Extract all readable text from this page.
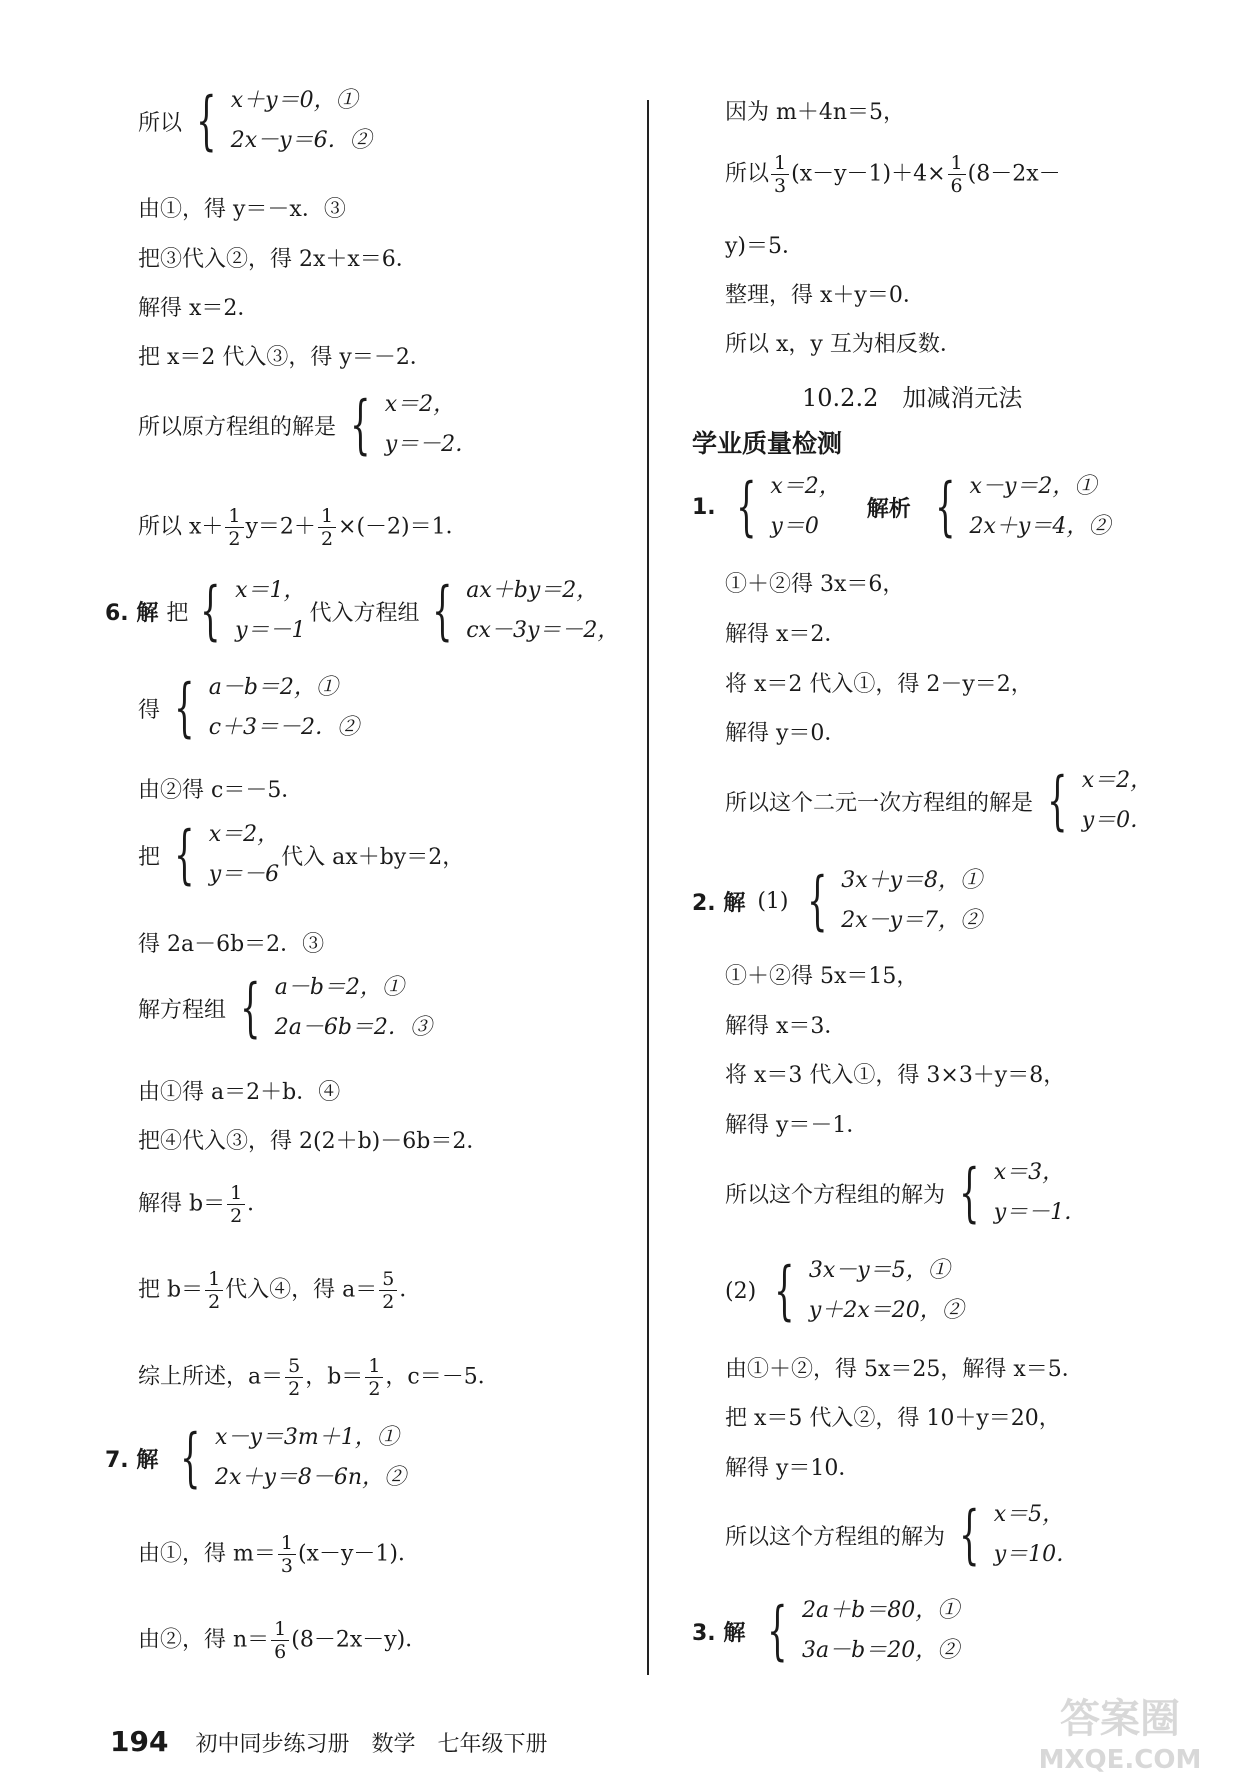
所以 { x＋y＝0，①
2x－y＝6．②
由①，得 y＝－x．③
把③代入②，得 2x＋x＝6．
解得 x＝2．
把 x＝2 代入③，得 y＝－2．
所以原方程组的解是 { x＝2，
y＝－2．
所以 $x+ \frac{1}{2} y=2+ \frac{1}{2} \times(-2)=1$．
6. 解 把 { x＝1，
y＝－1
代入方程组 { ax＋by＝2，
cx－3y＝－2，
得 { a－b＝2，①
c＋3＝－2．②
由②得 c＝－5．
把 { x＝2，
y＝－6
代入 ax＋by＝2，
得 2a－6b＝2．③
解方程组 { a－b＝2，①
2a－6b＝2．③
由①得 a＝2＋b．④
把④代入③，得 2(2＋b)－6b＝2．
解得 $b= \frac{1}{2}$ ．
把 $b= \frac{1}{2}$ 代入④，得 $a= \frac{5}{2}$ ．
综上所述，$a= \frac{5}{2}$ ，$b= \frac{1}{2}$ ，c＝－5．
7. 解 { x－y＝3m＋1，①
2x＋y＝8－6n，②
由①，得 $m= \frac{1}{3} (x-y-1)$．
由②，得 $n= \frac{1}{6} (8-2x-y)$．
因为 m＋4n＝5，
所以 $\frac{1}{3} (x-y-1)+4\times \frac{1}{6} (8-2x-$
y)＝5．
整理，得 x＋y＝0．
所以 x，y 互为相反数．
10.2.2　加减消元法
学业质量检测
1. { x＝2，
y＝0
解析 { x－y＝2，①
2x＋y＝4，②
①＋②得 3x＝6，
解得 x＝2．
将 x＝2 代入①，得 2－y＝2，
解得 y＝0．
所以这个二元一次方程组的解是 { x＝2，
y＝0．
2. 解 (1) { 3x＋y＝8，①
2x－y＝7，②
①＋②得 5x＝15，
解得 x＝3．
将 x＝3 代入①，得 3×3＋y＝8，
解得 y＝－1．
所以这个方程组的解为 { x＝3，
y＝－1．
(2) { 3x－y＝5，①
y＋2x＝20，②
由①＋②，得 5x＝25，解得 x＝5．
把 x＝5 代入②，得 10＋y＝20，
解得 y＝10．
所以这个方程组的解为 { x＝5，
y＝10．
3. 解 { 2a＋b＝80，①
3a－b＝20，②
194 初中同步练习册　数学　七年级下册
答案圈
MXQE.COM
